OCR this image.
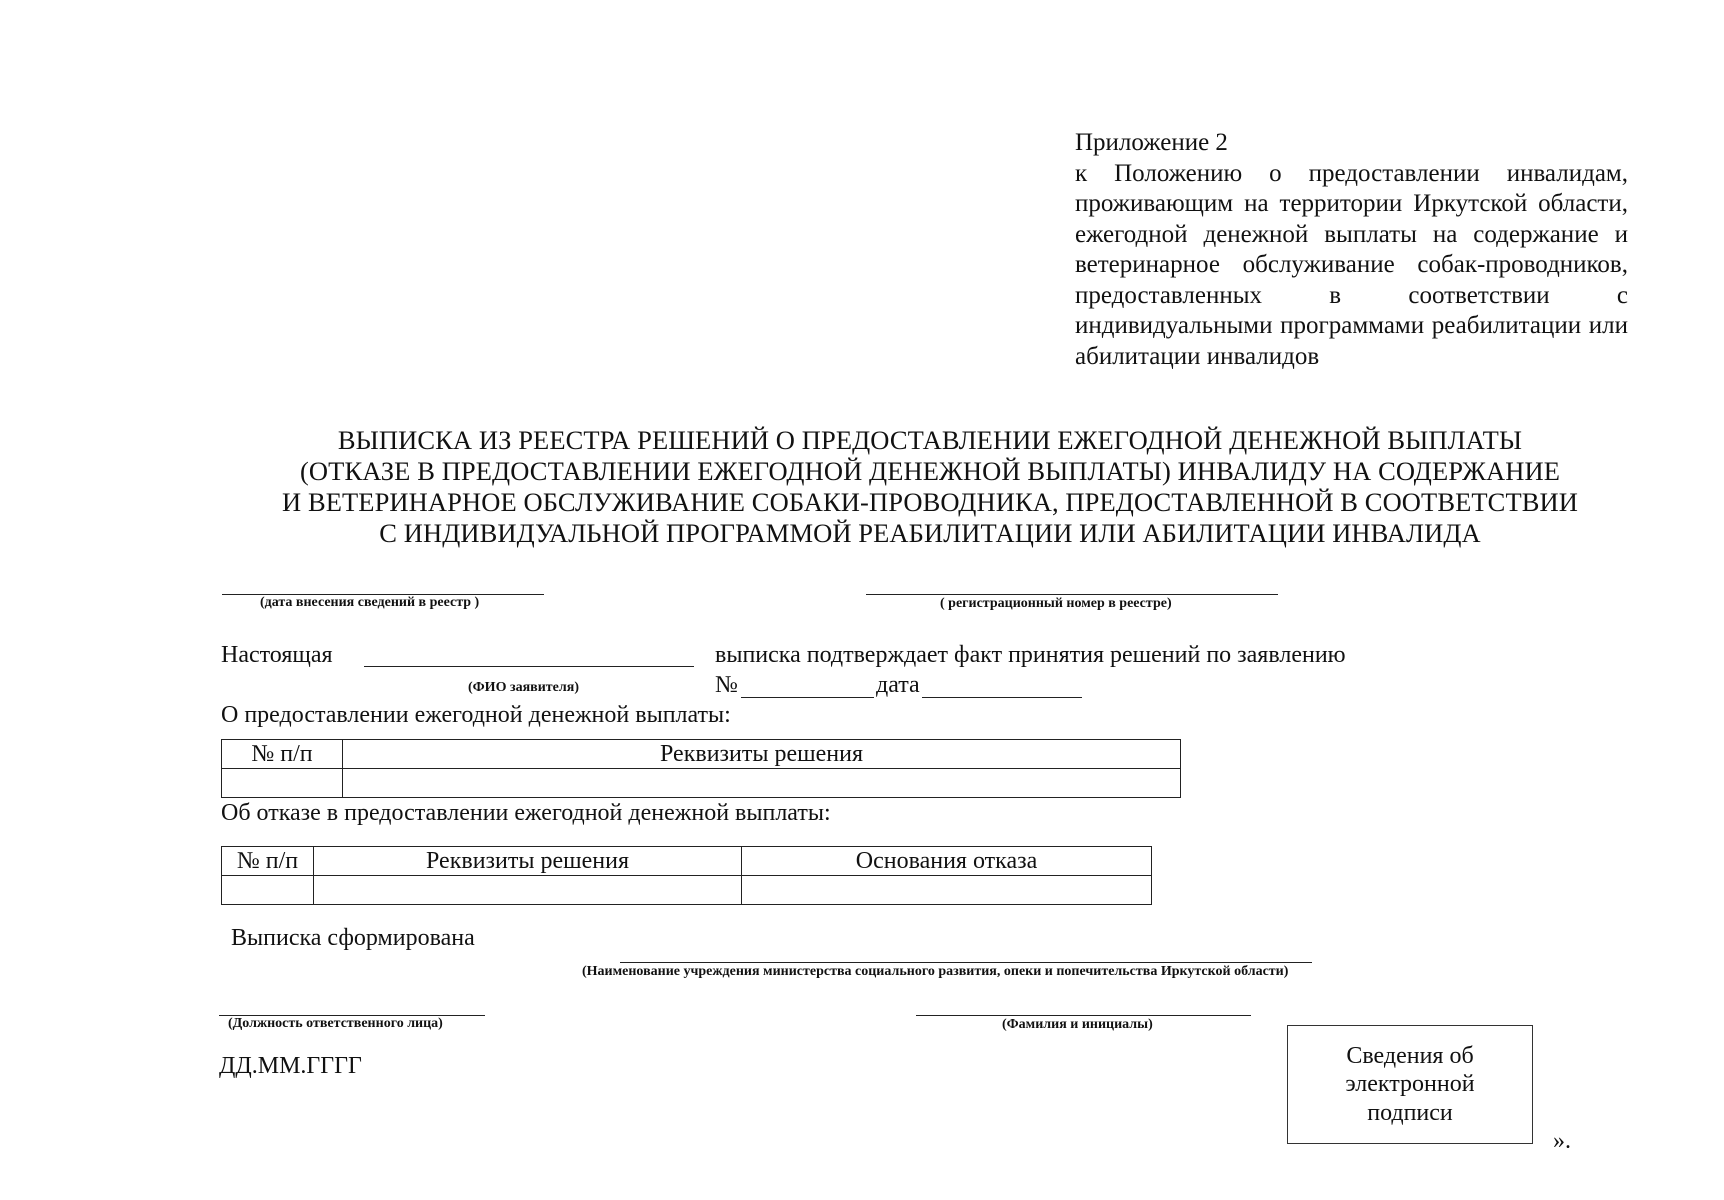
Приложение 2
к Положению о предоставлении инвалидам, проживающим на территории Иркутской области, ежегодной денежной выплаты на содержание и ветеринарное обслуживание собак-проводников, предоставленных в соответствии с индивидуальными программами реабилитации или абилитации инвалидов
ВЫПИСКА ИЗ РЕЕСТРА РЕШЕНИЙ О ПРЕДОСТАВЛЕНИИ ЕЖЕГОДНОЙ ДЕНЕЖНОЙ ВЫПЛАТЫ
(ОТКАЗЕ В ПРЕДОСТАВЛЕНИИ ЕЖЕГОДНОЙ ДЕНЕЖНОЙ ВЫПЛАТЫ) ИНВАЛИДУ НА СОДЕРЖАНИЕ
И ВЕТЕРИНАРНОЕ ОБСЛУЖИВАНИЕ СОБАКИ-ПРОВОДНИКА, ПРЕДОСТАВЛЕННОЙ В СООТВЕТСТВИИ
С ИНДИВИДУАЛЬНОЙ ПРОГРАММОЙ РЕАБИЛИТАЦИИ ИЛИ АБИЛИТАЦИИ ИНВАЛИДА
(дата внесения сведений в реестр )	( регистрационный номер в реестре)
Настоящая	выписка подтверждает факт принятия решений по заявлению
(ФИО заявителя)	№	дата
О предоставлении ежегодной денежной выплаты:
№ п/п	Реквизиты решения

Об отказе в предоставлении ежегодной денежной выплаты:
№ п/п	Реквизиты решения	Основания отказа

Выписка сформирована
(Наименование учреждения министерства социального развития, опеки и попечительства Иркутской области)
(Должность ответственного лица)	(Фамилия и инициалы)
ДД.ММ.ГГГГ	Сведения об
электронной
подписи
».
